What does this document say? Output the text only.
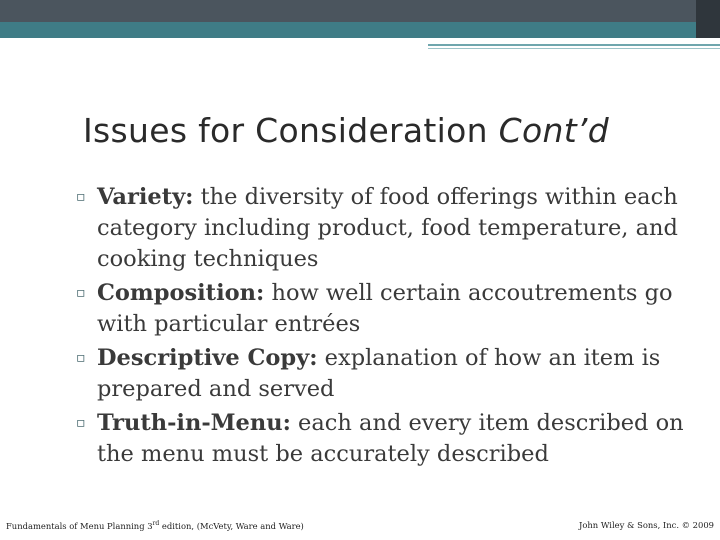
Issues for Consideration Cont’d
▫ Variety: the diversity of food offerings within each category including product, food temperature, and cooking techniques
▫ Composition: how well certain accoutrements go with particular entrées
▫ Descriptive Copy: explanation of how an item is prepared and served
▫ Truth-in-Menu: each and every item described on the menu must be accurately described
Fundamentals of Menu Planning 3rd edition, (McVety, Ware and Ware)	John Wiley & Sons, Inc. © 2009
